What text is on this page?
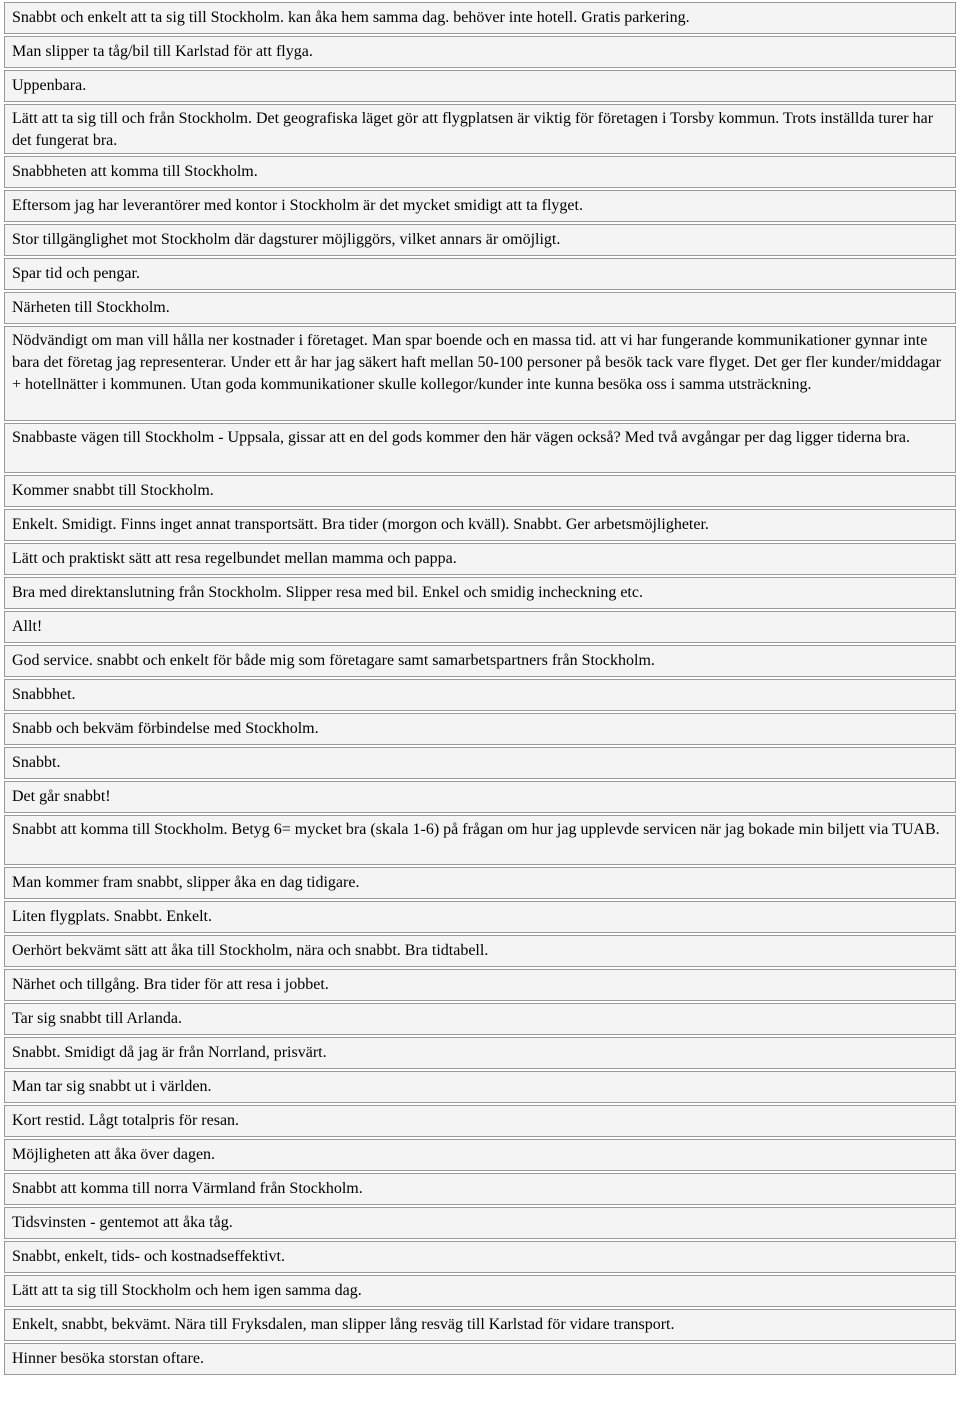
Snabbt och enkelt att ta sig till Stockholm. kan åka hem samma dag. behöver inte hotell. Gratis parkering.
Man slipper ta tåg/bil till Karlstad för att flyga.
Uppenbara.
Lätt att ta sig till och från Stockholm. Det geografiska läget gör att flygplatsen är viktig för företagen i Torsby kommun. Trots inställda turer har det fungerat bra.
Snabbheten att komma till Stockholm.
Eftersom jag har leverantörer med kontor i Stockholm är det mycket smidigt att ta flyget.
Stor tillgänglighet mot Stockholm där dagsturer möjliggörs, vilket annars är omöjligt.
Spar tid och pengar.
Närheten till Stockholm.
Nödvändigt om man vill hålla ner kostnader i företaget. Man spar boende och en massa tid. att vi har fungerande kommunikationer gynnar inte bara det företag jag representerar. Under ett år har jag säkert haft mellan 50-100 personer på besök tack vare flyget. Det ger fler kunder/middagar + hotellnätter i kommunen. Utan goda kommunikationer skulle kollegor/kunder inte kunna besöka oss i samma utsträckning.
Snabbaste vägen till Stockholm - Uppsala, gissar att en del gods kommer den här vägen också? Med två avgångar per dag ligger tiderna bra.
Kommer snabbt till Stockholm.
Enkelt. Smidigt. Finns inget annat transportsätt. Bra tider (morgon och kväll). Snabbt. Ger arbetsmöjligheter.
Lätt och praktiskt sätt att resa regelbundet mellan mamma och pappa.
Bra med direktanslutning från Stockholm. Slipper resa med bil. Enkel och smidig incheckning etc.
Allt!
God service. snabbt och enkelt för både mig som företagare samt samarbetspartners från Stockholm.
Snabbhet.
Snabb och bekväm förbindelse med Stockholm.
Snabbt.
Det går snabbt!
Snabbt att komma till Stockholm. Betyg 6= mycket bra (skala 1-6) på frågan om hur jag upplevde servicen när jag bokade min biljett via TUAB.
Man kommer fram snabbt, slipper åka en dag tidigare.
Liten flygplats. Snabbt. Enkelt.
Oerhört bekvämt sätt att åka till Stockholm, nära och snabbt. Bra tidtabell.
Närhet och tillgång. Bra tider för att resa i jobbet.
Tar sig snabbt till Arlanda.
Snabbt. Smidigt då jag är från Norrland, prisvärt.
Man tar sig snabbt ut i världen.
Kort restid. Lågt totalpris för resan.
Möjligheten att åka över dagen.
Snabbt att komma till norra Värmland från Stockholm.
Tidsvinsten - gentemot att åka tåg.
Snabbt, enkelt, tids- och kostnadseffektivt.
Lätt att ta sig till Stockholm och hem igen samma dag.
Enkelt, snabbt, bekvämt. Nära till Fryksdalen, man slipper lång resväg till Karlstad för vidare transport.
Hinner besöka storstan oftare.
